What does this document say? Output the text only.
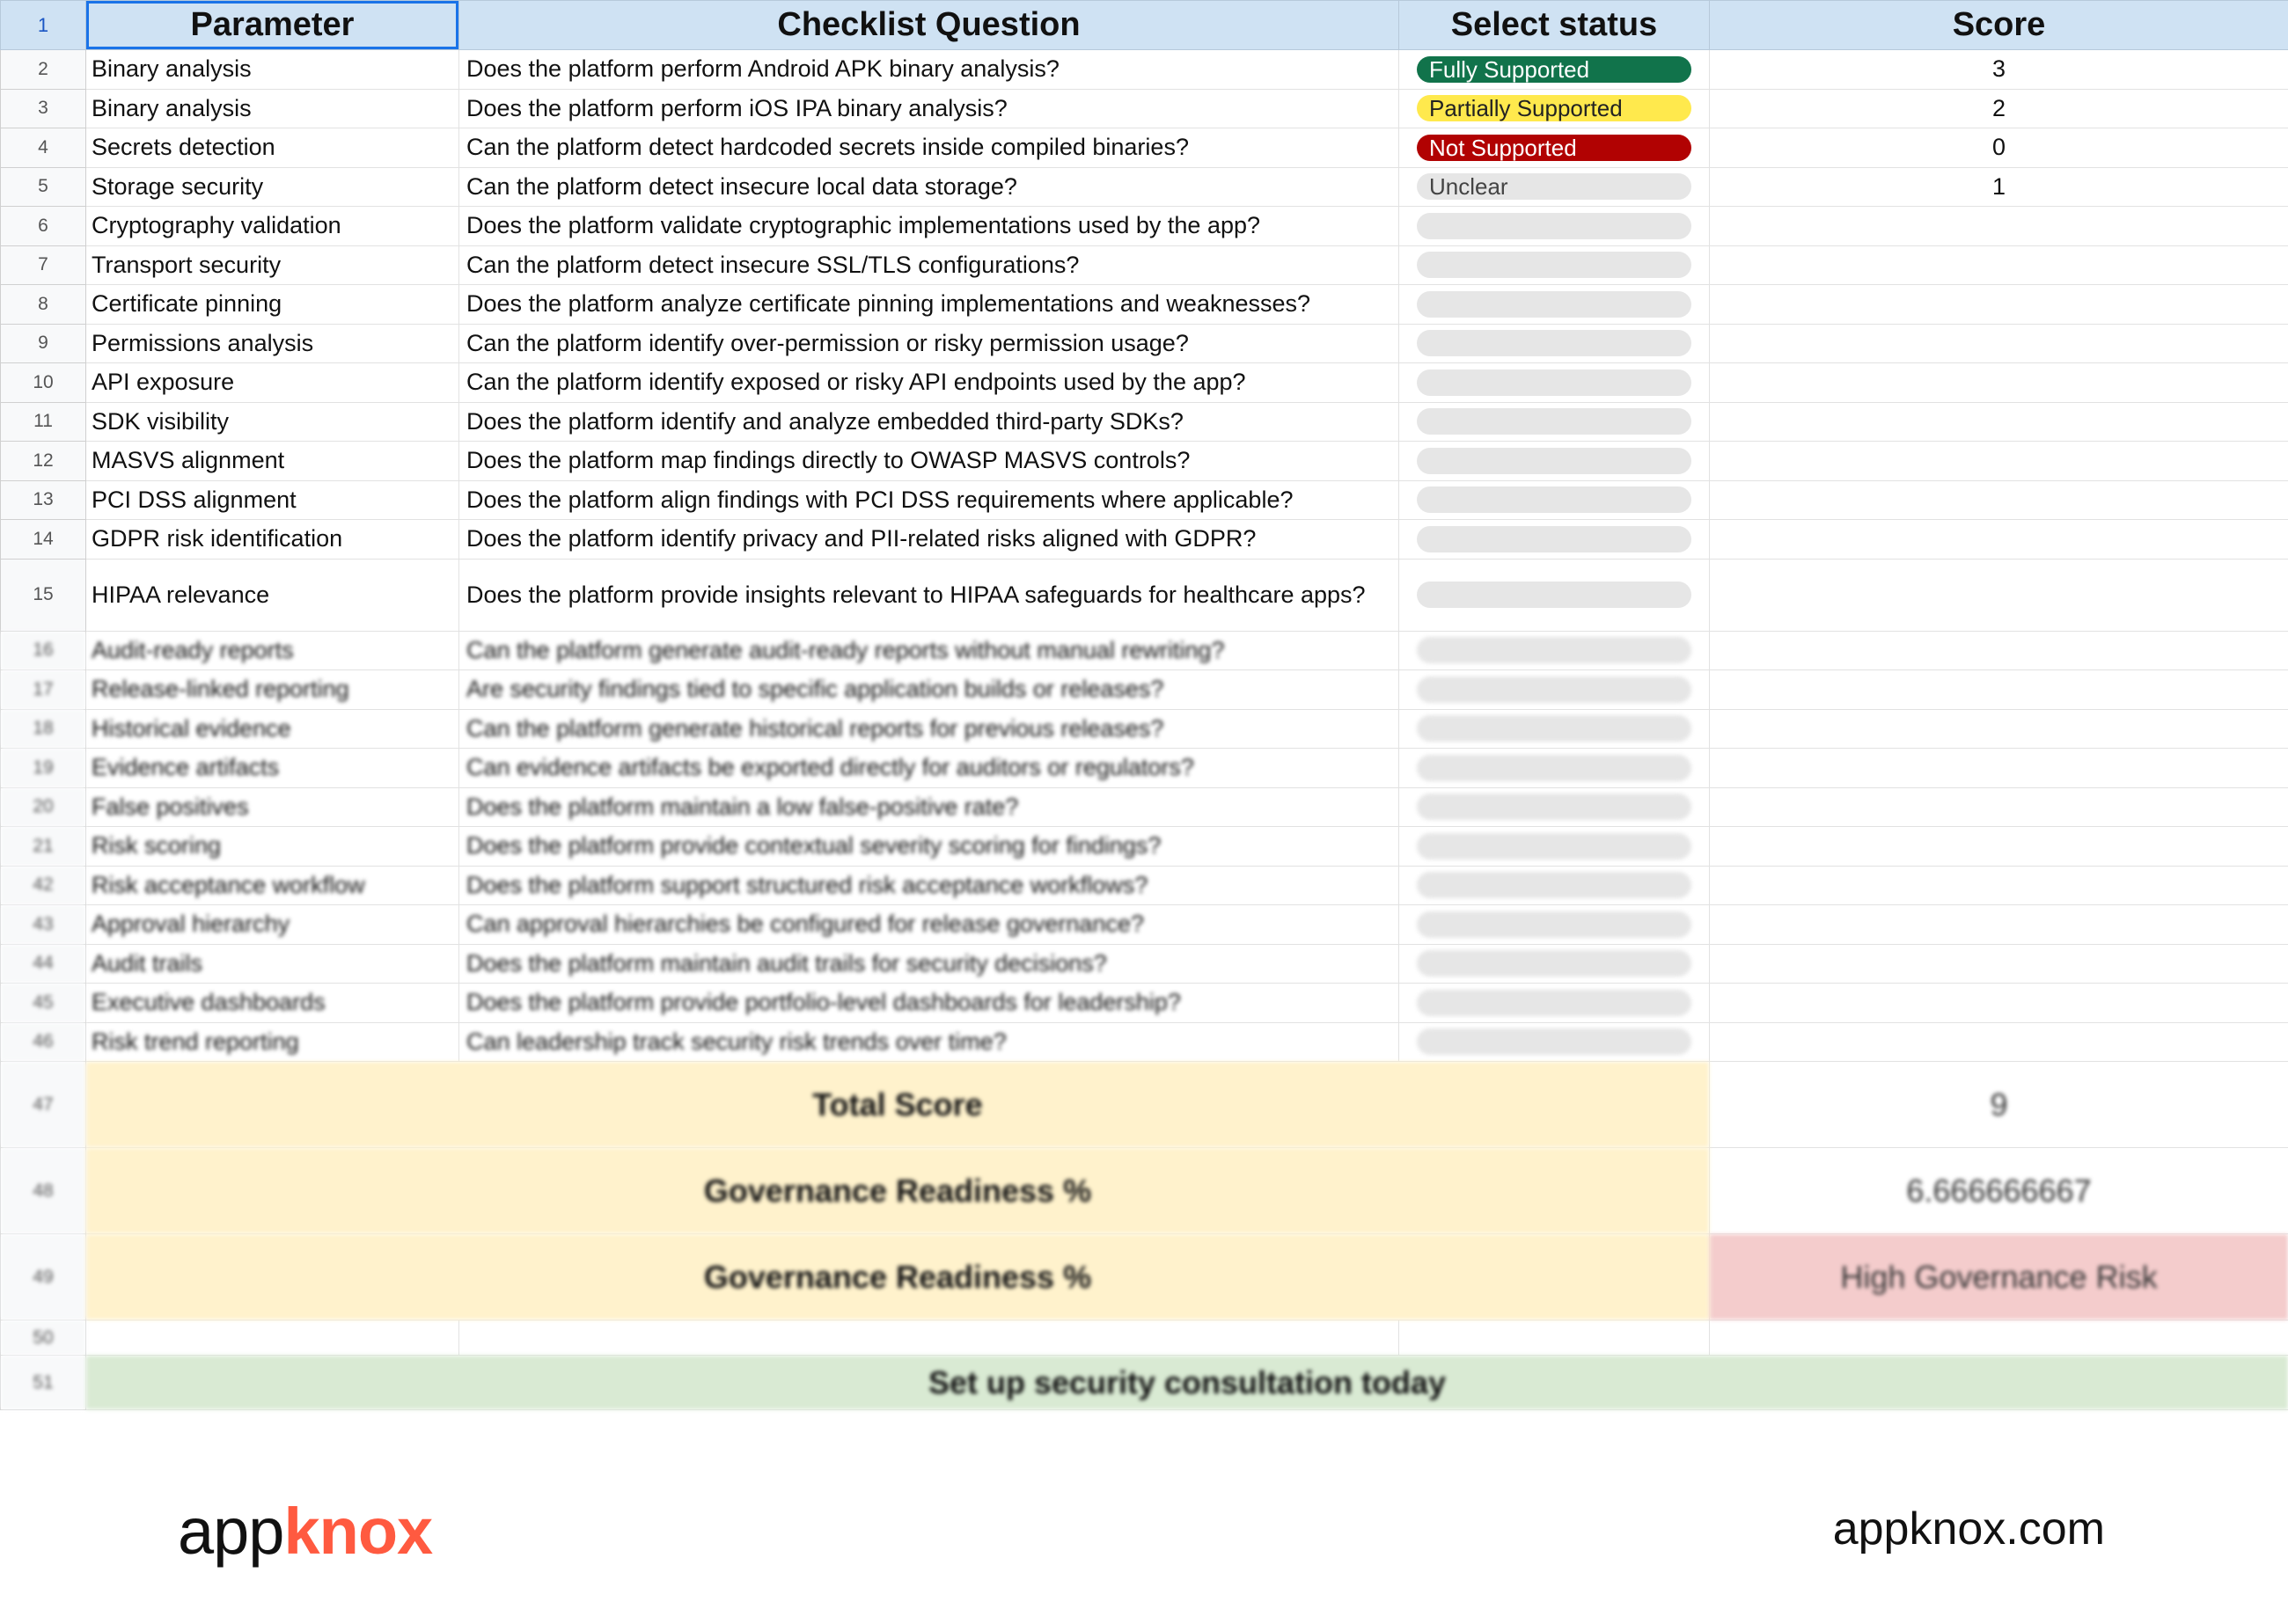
1	Parameter	Checklist Question	Select status	Score
2	Binary analysis	Does the platform perform Android APK binary analysis?	Fully Supported	3
3	Binary analysis	Does the platform perform iOS IPA binary analysis?	Partially Supported	2
4	Secrets detection	Can the platform detect hardcoded secrets inside compiled binaries?	Not Supported	0
5	Storage security	Can the platform detect insecure local data storage?	Unclear	1
6	Cryptography validation	Does the platform validate cryptographic implementations used by the app?	

7	Transport security	Can the platform detect insecure SSL/TLS configurations?	

8	Certificate pinning	Does the platform analyze certificate pinning implementations and weaknesses?	

9	Permissions analysis	Can the platform identify over-permission or risky permission usage?	

10	API exposure	Can the platform identify exposed or risky API endpoints used by the app?	

11	SDK visibility	Does the platform identify and analyze embedded third-party SDKs?	

12	MASVS alignment	Does the platform map findings directly to OWASP MASVS controls?	

13	PCI DSS alignment	Does the platform align findings with PCI DSS requirements where applicable?	

14	GDPR risk identification	Does the platform identify privacy and PII-related risks aligned with GDPR?	

15	HIPAA relevance	Does the platform provide insights relevant to HIPAA safeguards for healthcare apps?	

16	Audit-ready reports	Can the platform generate audit-ready reports without manual rewriting?	

17	Release-linked reporting	Are security findings tied to specific application builds or releases?	

18	Historical evidence	Can the platform generate historical reports for previous releases?	

19	Evidence artifacts	Can evidence artifacts be exported directly for auditors or regulators?	

20	False positives	Does the platform maintain a low false-positive rate?	

21	Risk scoring	Does the platform provide contextual severity scoring for findings?	

42	Risk acceptance workflow	Does the platform support structured risk acceptance workflows?	

43	Approval hierarchy	Can approval hierarchies be configured for release governance?	

44	Audit trails	Does the platform maintain audit trails for security decisions?	

45	Executive dashboards	Does the platform provide portfolio-level dashboards for leadership?	

46	Risk trend reporting	Can leadership track security risk trends over time?	

47	Total Score			9
48	Governance Readiness %			6.666666667
49	Governance Readiness %			High Governance Risk
50				
51	Set up security consultation today			
appknox	appknox.com
